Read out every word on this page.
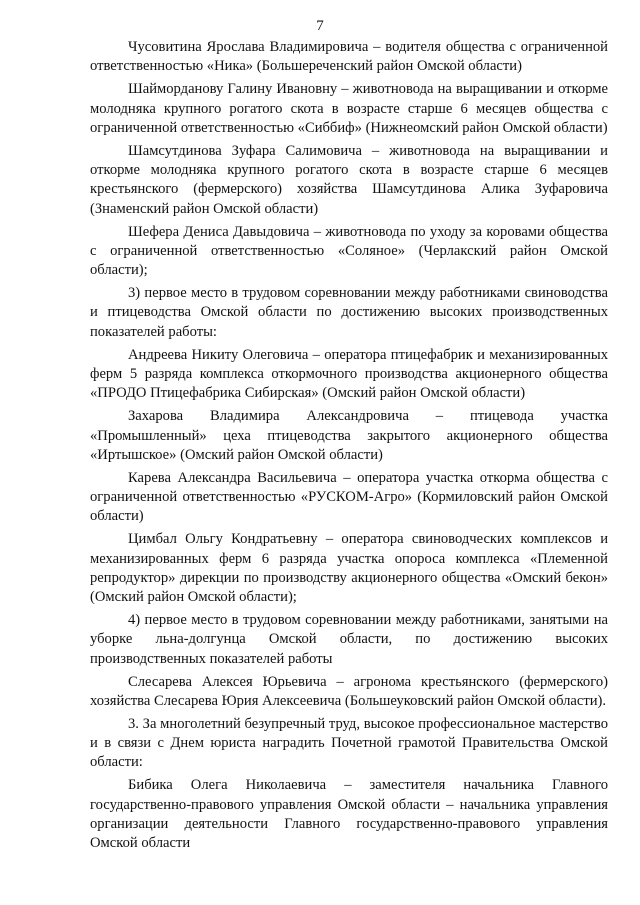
7

Чусовитина Ярослава Владимировича – водителя общества с ограниченной ответственностью «Ника» (Большереченский район Омской области)

Шайморданову Галину Ивановну – животновода на выращивании и откорме молодняка крупного рогатого скота в возрасте старше 6 месяцев общества с ограниченной ответственностью «Сиббиф» (Нижнеомский район Омской области)

Шамсутдинова Зуфара Салимовича – животновода на выращивании и откорме молодняка крупного рогатого скота в возрасте старше 6 месяцев крестьянского (фермерского) хозяйства Шамсутдинова Алика Зуфаровича (Знаменский район Омской области)

Шефера Дениса Давыдовича – животновода по уходу за коровами общества с ограниченной ответственностью «Соляное» (Черлакский район Омской области);

3) первое место в трудовом соревновании между работниками свиноводства и птицеводства Омской области по достижению высоких производственных показателей работы:

Андреева Никиту Олеговича – оператора птицефабрик и механизированных ферм 5 разряда комплекса откормочного производства акционерного общества «ПРОДО Птицефабрика Сибирская» (Омский район Омской области)

Захарова Владимира Александровича – птицевода участка «Промышленный» цеха птицеводства закрытого акционерного общества «Иртышское» (Омский район Омской области)

Карева Александра Васильевича – оператора участка откорма общества с ограниченной ответственностью «РУСКОМ-Агро» (Кормиловский район Омской области)

Цимбал Ольгу Кондратьевну – оператора свиноводческих комплексов и механизированных ферм 6 разряда участка опороса комплекса «Племенной репродуктор» дирекции по производству акционерного общества «Омский бекон» (Омский район Омской области);

4) первое место в трудовом соревновании между работниками, занятыми на уборке льна-долгунца Омской области, по достижению высоких производственных показателей работы

Слесарева Алексея Юрьевича – агронома крестьянского (фермерского) хозяйства Слесарева Юрия Алексеевича (Большеуковский район Омской области).

3. За многолетний безупречный труд, высокое профессиональное мастерство и в связи с Днем юриста наградить Почетной грамотой Правительства Омской области:

Бибика Олега Николаевича – заместителя начальника Главного государственно-правового управления Омской области – начальника управления организации деятельности Главного государственно-правового управления Омской области
